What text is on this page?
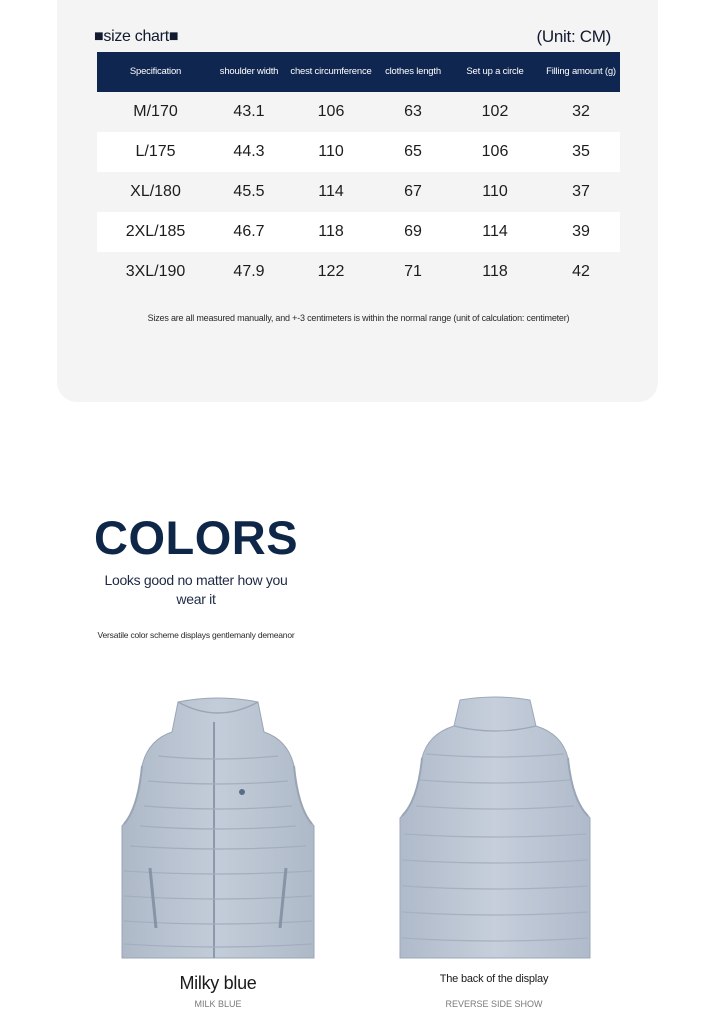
■size chart■	(Unit: CM)
Specification	shoulder width	chest circumference	clothes length	Set up a circle	Filling amount (g)
M/170	43.1	106	63	102	32
L/175	44.3	110	65	106	35
XL/180	45.5	114	67	110	37
2XL/185	46.7	118	69	114	39
3XL/190	47.9	122	71	118	42
Sizes are all measured manually, and +-3 centimeters is within the normal range (unit of calculation: centimeter)
COLORS
Looks good no matter how you wear it
Versatile color scheme displays gentlemanly demeanor
Milky blue
MILK BLUE
The back of the display
REVERSE SIDE SHOW
